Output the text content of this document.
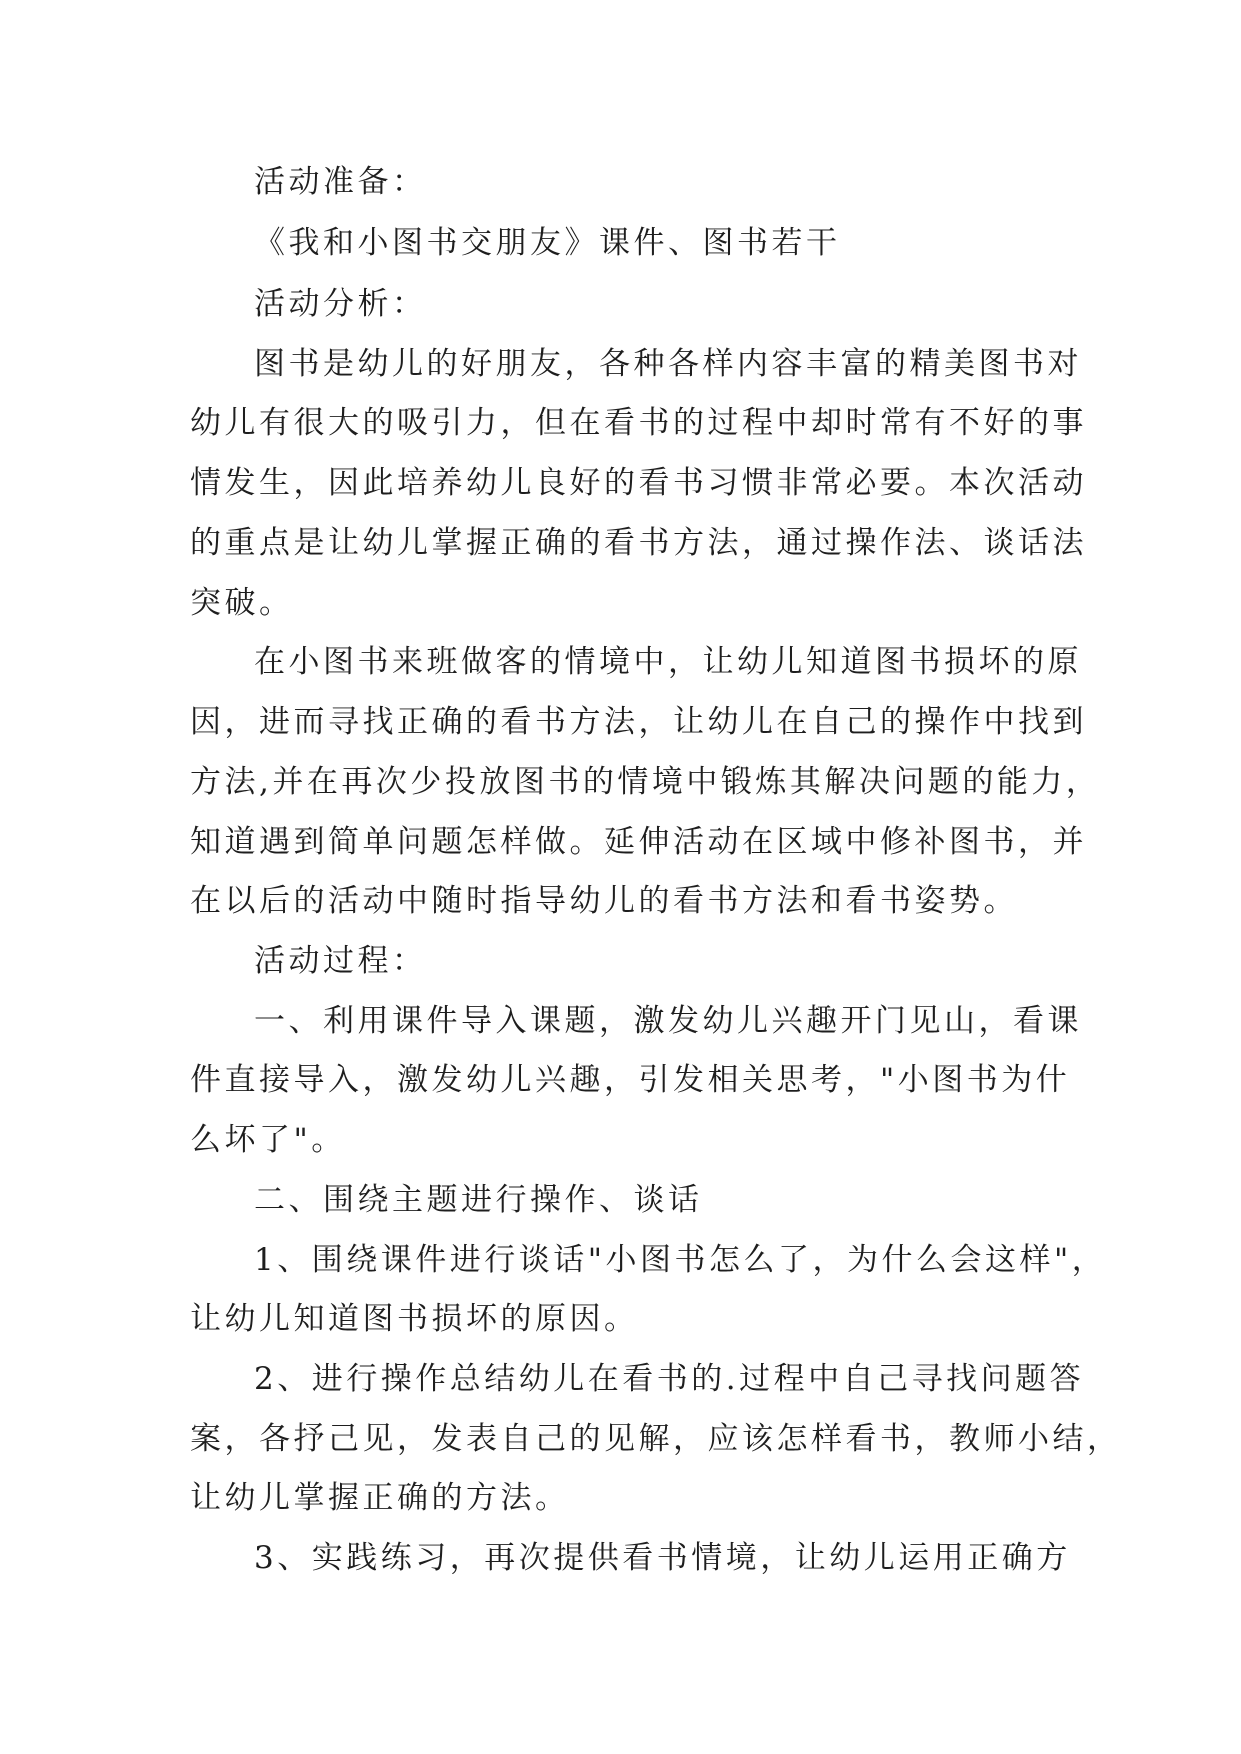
活动准备：

《我和小图书交朋友》课件、图书若干

活动分析：

图书是幼儿的好朋友，各种各样内容丰富的精美图书对

幼儿有很大的吸引力，但在看书的过程中却时常有不好的事

情发生，因此培养幼儿良好的看书习惯非常必要。本次活动

的重点是让幼儿掌握正确的看书方法，通过操作法、谈话法

突破。

在小图书来班做客的情境中，让幼儿知道图书损坏的原

因，进而寻找正确的看书方法，让幼儿在自己的操作中找到

方法,并在再次少投放图书的情境中锻炼其解决问题的能力，

知道遇到简单问题怎样做。延伸活动在区域中修补图书，并

在以后的活动中随时指导幼儿的看书方法和看书姿势。

活动过程：

一、利用课件导入课题，激发幼儿兴趣开门见山，看课

件直接导入，激发幼儿兴趣，引发相关思考，"小图书为什

么坏了"。

二、围绕主题进行操作、谈话

1、围绕课件进行谈话"小图书怎么了，为什么会这样"，

让幼儿知道图书损坏的原因。

2、进行操作总结幼儿在看书的.过程中自己寻找问题答

案，各抒己见，发表自己的见解，应该怎样看书，教师小结，

让幼儿掌握正确的方法。

3、实践练习，再次提供看书情境，让幼儿运用正确方
